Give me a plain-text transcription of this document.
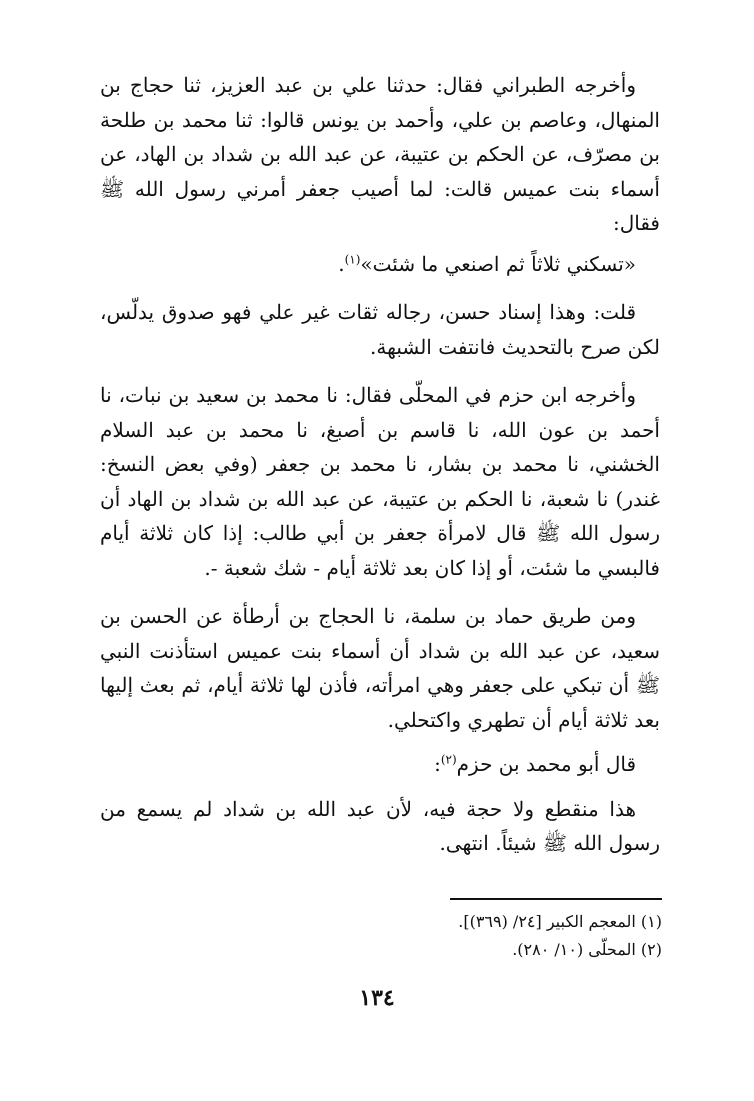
وأخرجه الطبراني فقال: حدثنا علي بن عبد العزيز، ثنا حجاج بن المنهال، وعاصم بن علي، وأحمد بن يونس قالوا: ثنا محمد بن طلحة بن مصرّف، عن الحكم بن عتيبة، عن عبد الله بن شداد بن الهاد، عن أسماء بنت عميس قالت: لما أصيب جعفر أمرني رسول الله ﷺ فقال:

«تسكني ثلاثاً ثم اصنعي ما شئت»$^{(١)}$.

قلت: وهذا إسناد حسن، رجاله ثقات غير علي فهو صدوق يدلّس، لكن صرح بالتحديث فانتفت الشبهة.

وأخرجه ابن حزم في المحلّى فقال: نا محمد بن سعيد بن نبات، نا أحمد بن عون الله، نا قاسم بن أصبغ، نا محمد بن عبد السلام الخشني، نا محمد بن بشار، نا محمد بن جعفر (وفي بعض النسخ: غندر) نا شعبة، نا الحكم بن عتيبة، عن عبد الله بن شداد بن الهاد أن رسول الله ﷺ قال لامرأة جعفر بن أبي طالب: إذا كان ثلاثة أيام فالبسي ما شئت، أو إذا كان بعد ثلاثة أيام - شك شعبة -.

ومن طريق حماد بن سلمة، نا الحجاج بن أرطأة عن الحسن بن سعيد، عن عبد الله بن شداد أن أسماء بنت عميس استأذنت النبي ﷺ أن تبكي على جعفر وهي امرأته، فأذن لها ثلاثة أيام، ثم بعث إليها بعد ثلاثة أيام أن تطهري واكتحلي.

قال أبو محمد بن حزم$^{(٢)}$:

هذا منقطع ولا حجة فيه، لأن عبد الله بن شداد لم يسمع من رسول الله ﷺ شيئاً. انتهى.

(١) المعجم الكبير [٢٤/ (٣٦٩)].

(٢) المحلّى (١٠/ ٢٨٠).

١٣٤
